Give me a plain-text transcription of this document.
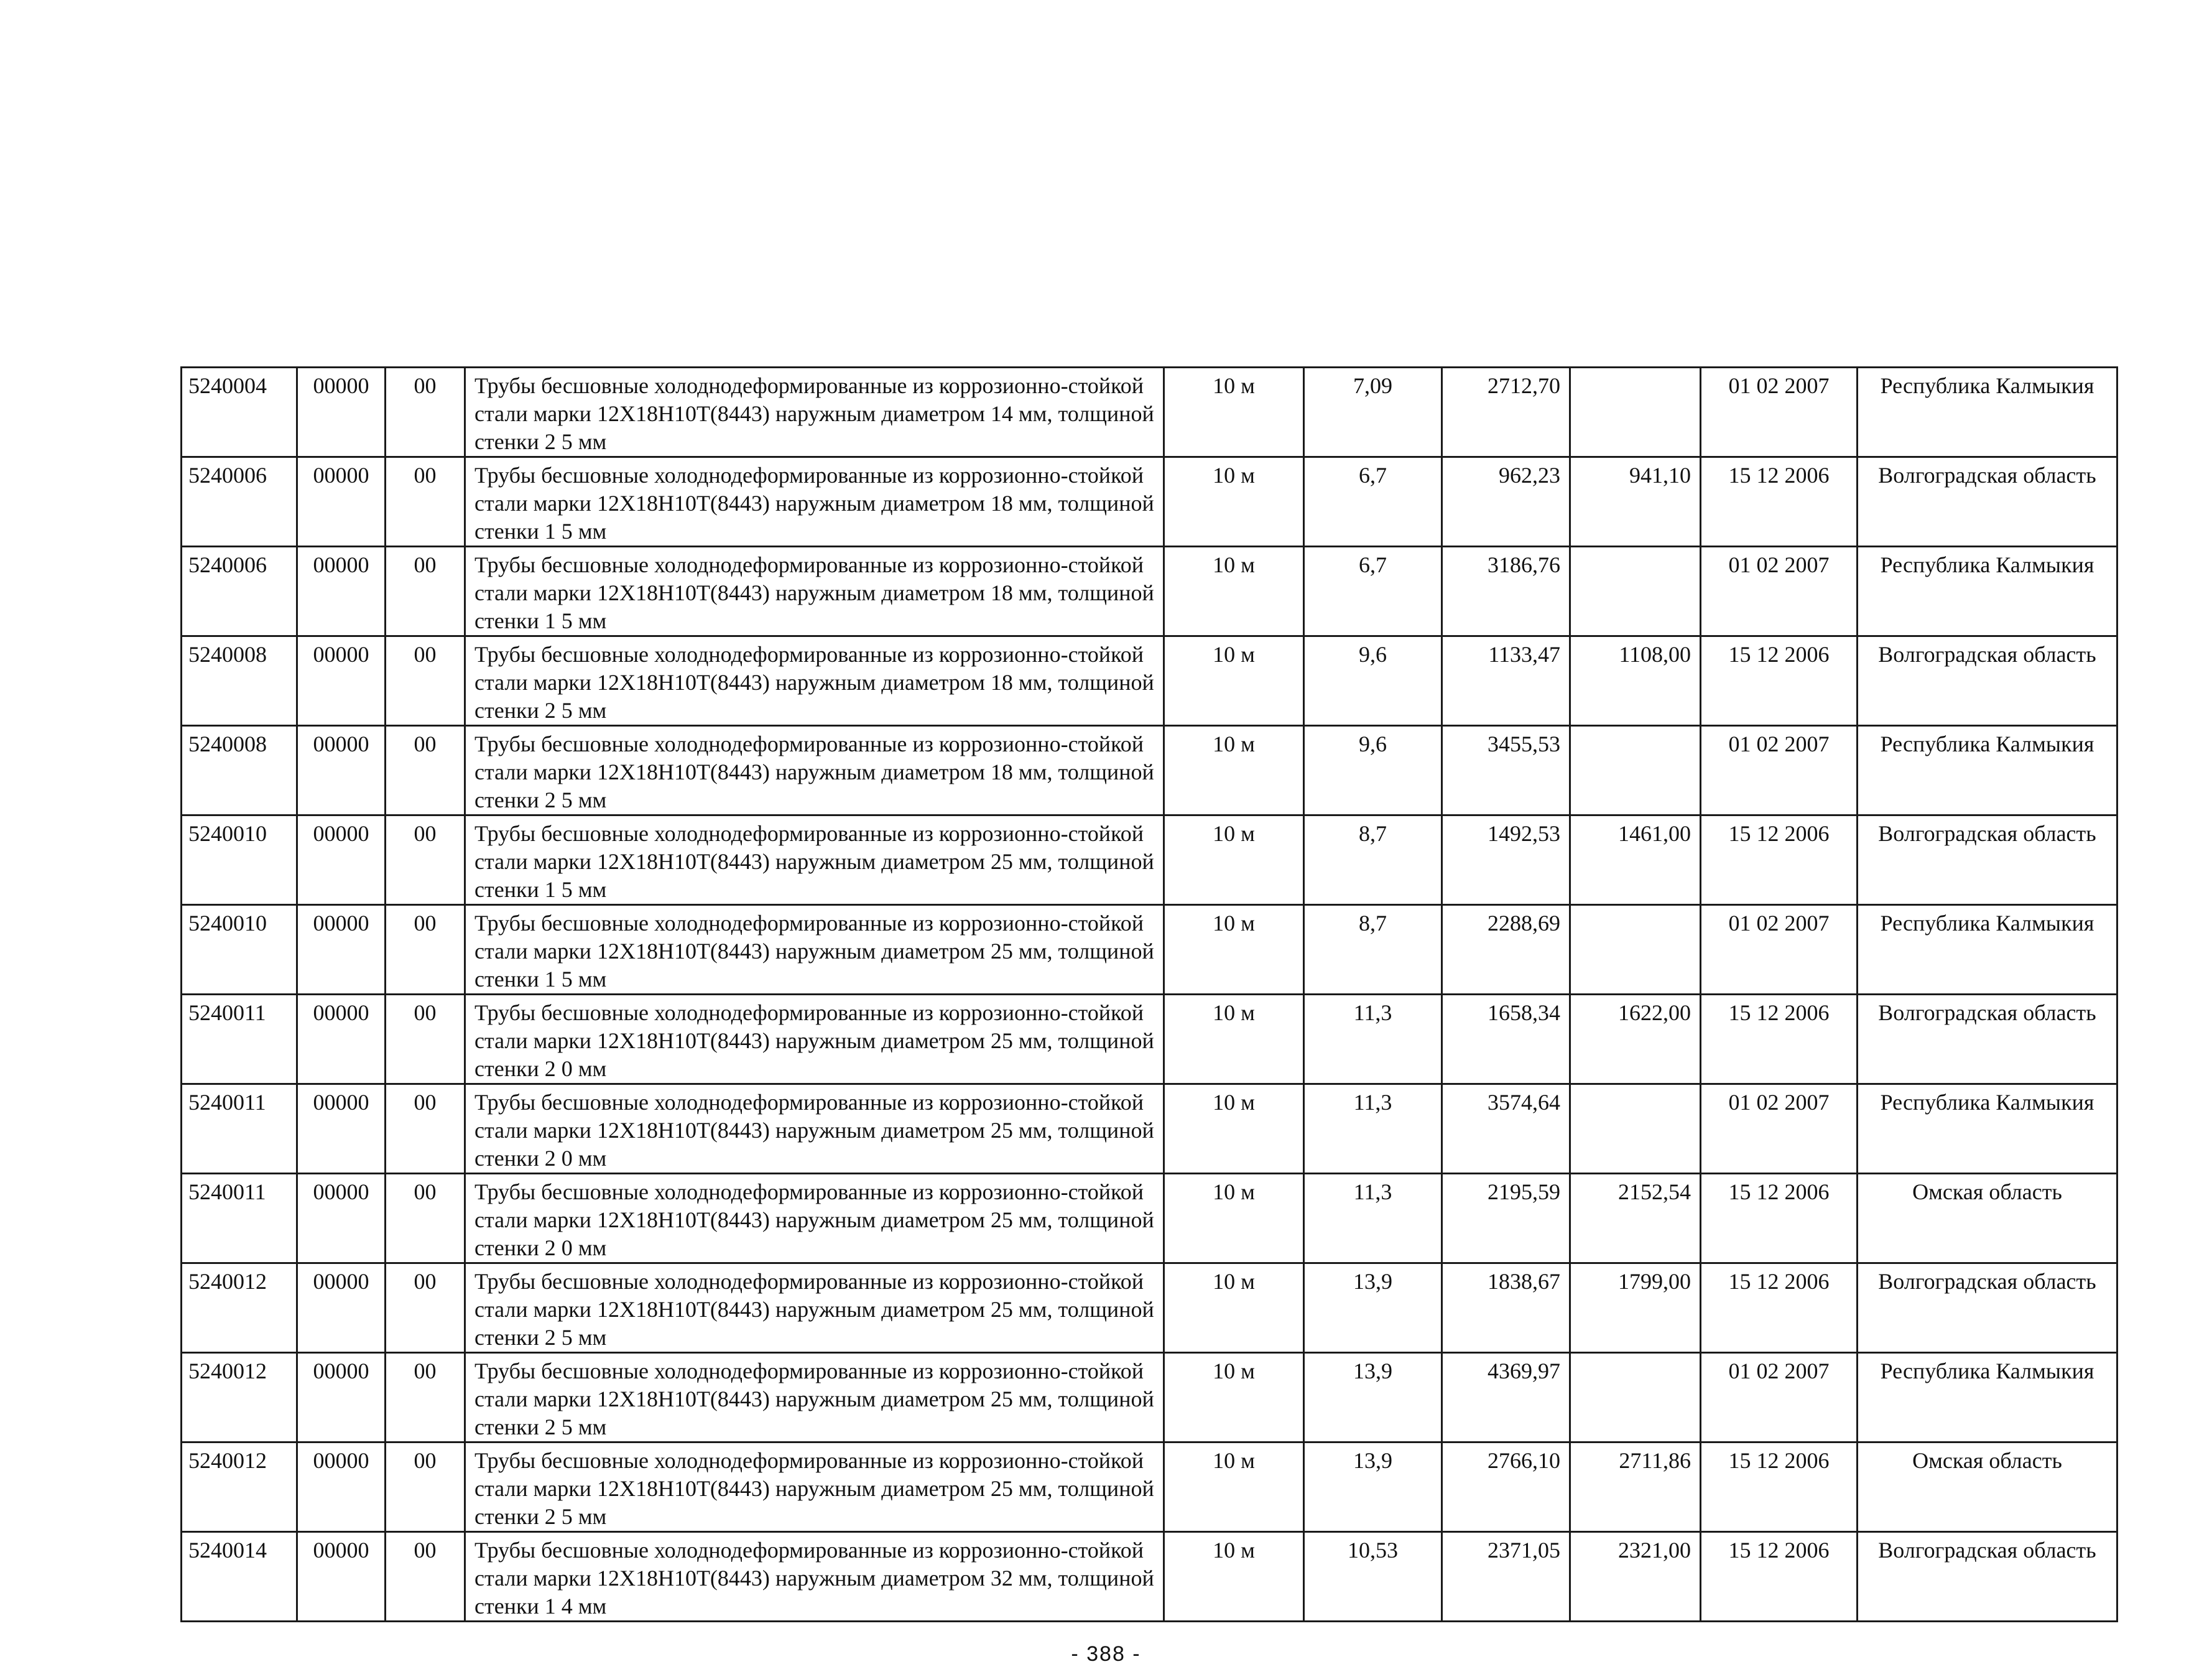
5240004	00000	00	Трубы бесшовные холоднодеформированные из коррозионно-стойкой стали марки 12Х18Н10Т(8443) наружным диаметром 14 мм, толщиной стенки 2 5 мм	10 м	7,09	2712,70		01 02 2007	Республика Калмыкия
5240006	00000	00	Трубы бесшовные холоднодеформированные из коррозионно-стойкой стали марки 12Х18Н10Т(8443) наружным диаметром 18 мм, толщиной стенки 1 5 мм	10 м	6,7	962,23	941,10	15 12 2006	Волгоградская область
5240006	00000	00	Трубы бесшовные холоднодеформированные из коррозионно-стойкой стали марки 12Х18Н10Т(8443) наружным диаметром 18 мм, толщиной стенки 1 5 мм	10 м	6,7	3186,76		01 02 2007	Республика Калмыкия
5240008	00000	00	Трубы бесшовные холоднодеформированные из коррозионно-стойкой стали марки 12Х18Н10Т(8443) наружным диаметром 18 мм, толщиной стенки 2 5 мм	10 м	9,6	1133,47	1108,00	15 12 2006	Волгоградская область
5240008	00000	00	Трубы бесшовные холоднодеформированные из коррозионно-стойкой стали марки 12Х18Н10Т(8443) наружным диаметром 18 мм, толщиной стенки 2 5 мм	10 м	9,6	3455,53		01 02 2007	Республика Калмыкия
5240010	00000	00	Трубы бесшовные холоднодеформированные из коррозионно-стойкой стали марки 12Х18Н10Т(8443) наружным диаметром 25 мм, толщиной стенки 1 5 мм	10 м	8,7	1492,53	1461,00	15 12 2006	Волгоградская область
5240010	00000	00	Трубы бесшовные холоднодеформированные из коррозионно-стойкой стали марки 12Х18Н10Т(8443) наружным диаметром 25 мм, толщиной стенки 1 5 мм	10 м	8,7	2288,69		01 02 2007	Республика Калмыкия
5240011	00000	00	Трубы бесшовные холоднодеформированные из коррозионно-стойкой стали марки 12Х18Н10Т(8443) наружным диаметром 25 мм, толщиной стенки 2 0 мм	10 м	11,3	1658,34	1622,00	15 12 2006	Волгоградская область
5240011	00000	00	Трубы бесшовные холоднодеформированные из коррозионно-стойкой стали марки 12Х18Н10Т(8443) наружным диаметром 25 мм, толщиной стенки 2 0 мм	10 м	11,3	3574,64		01 02 2007	Республика Калмыкия
5240011	00000	00	Трубы бесшовные холоднодеформированные из коррозионно-стойкой стали марки 12Х18Н10Т(8443) наружным диаметром 25 мм, толщиной стенки 2 0 мм	10 м	11,3	2195,59	2152,54	15 12 2006	Омская область
5240012	00000	00	Трубы бесшовные холоднодеформированные из коррозионно-стойкой стали марки 12Х18Н10Т(8443) наружным диаметром 25 мм, толщиной стенки 2 5 мм	10 м	13,9	1838,67	1799,00	15 12 2006	Волгоградская область
5240012	00000	00	Трубы бесшовные холоднодеформированные из коррозионно-стойкой стали марки 12Х18Н10Т(8443) наружным диаметром 25 мм, толщиной стенки 2 5 мм	10 м	13,9	4369,97		01 02 2007	Республика Калмыкия
5240012	00000	00	Трубы бесшовные холоднодеформированные из коррозионно-стойкой стали марки 12Х18Н10Т(8443) наружным диаметром 25 мм, толщиной стенки 2 5 мм	10 м	13,9	2766,10	2711,86	15 12 2006	Омская область
5240014	00000	00	Трубы бесшовные холоднодеформированные из коррозионно-стойкой стали марки 12Х18Н10Т(8443) наружным диаметром 32 мм, толщиной стенки 1 4 мм	10 м	10,53	2371,05	2321,00	15 12 2006	Волгоградская область
- 388 -
